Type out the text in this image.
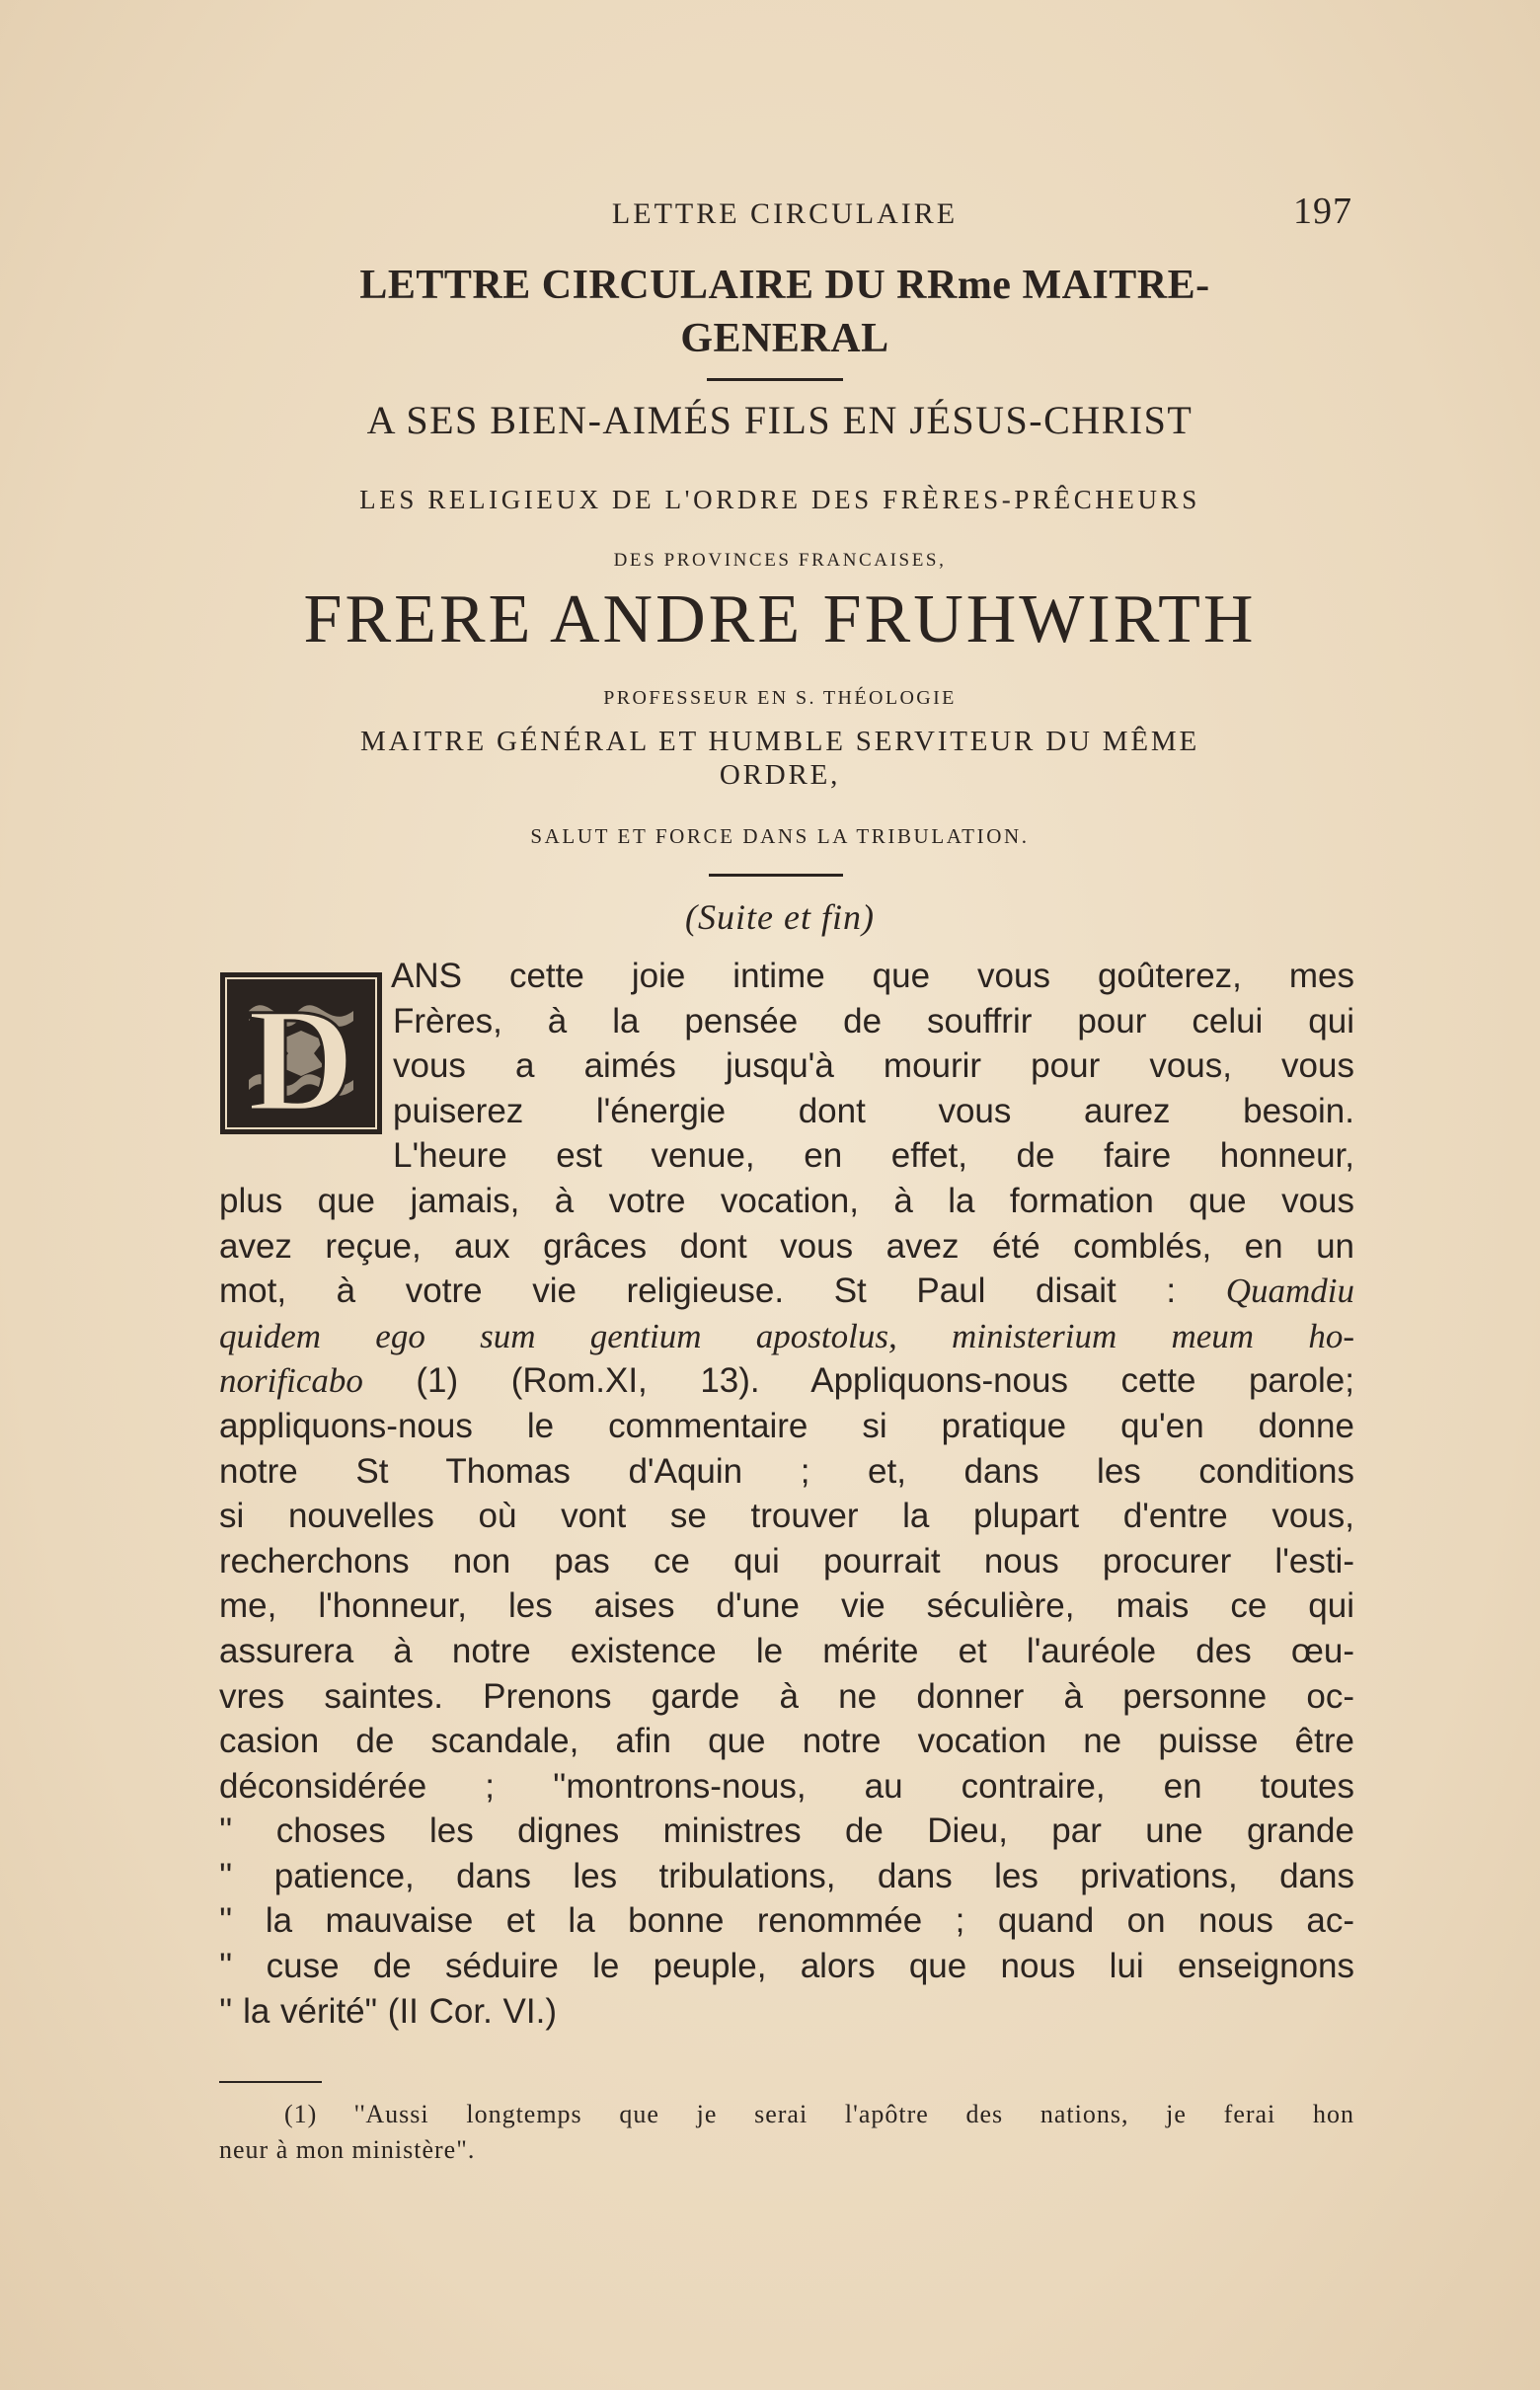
LETTRE CIRCULAIRE	197
LETTRE CIRCULAIRE DU RRme MAITRE-
GENERAL
A SES BIEN-AIMÉS FILS EN JÉSUS-CHRIST
LES RELIGIEUX DE L'ORDRE DES FRÈRES-PRÊCHEURS
DES PROVINCES FRANCAISES,
FRERE ANDRE FRUHWIRTH
PROFESSEUR EN S. THÉOLOGIE
MAITRE GÉNÉRAL ET HUMBLE SERVITEUR DU MÊME
ORDRE,
SALUT ET FORCE DANS LA TRIBULATION.
(Suite et fin)
D
ANS cette joie intime que vous goûterez, mes
Frères, à la pensée de souffrir pour celui qui
vous a aimés jusqu'à mourir pour vous, vous
puiserez l'énergie dont vous aurez besoin.
L'heure est venue, en effet, de faire honneur,
plus que jamais, à votre vocation, à la formation que vous
avez reçue, aux grâces dont vous avez été comblés, en un
mot, à votre vie religieuse. St Paul disait : Quamdiu
quidem ego sum gentium apostolus, ministerium meum ho-
norificabo (1) (Rom.XI, 13). Appliquons-nous cette parole;
appliquons-nous le commentaire si pratique qu'en donne
notre St Thomas d'Aquin ; et, dans les conditions
si nouvelles où vont se trouver la plupart d'entre vous,
recherchons non pas ce qui pourrait nous procurer l'esti-
me, l'honneur, les aises d'une vie séculière, mais ce qui
assurera à notre existence le mérite et l'auréole des œu-
vres saintes. Prenons garde à ne donner à personne oc-
casion de scandale, afin que notre vocation ne puisse être
déconsidérée ; ''montrons-nous, au contraire, en toutes
'' choses les dignes ministres de Dieu, par une grande
'' patience, dans les tribulations, dans les privations, dans
'' la mauvaise et la bonne renommée ; quand on nous ac-
'' cuse de séduire le peuple, alors que nous lui enseignons
'' la vérité" (II Cor. VI.)
(1) ''Aussi longtemps que je serai l'apôtre des nations, je ferai hon
neur à mon ministère".
